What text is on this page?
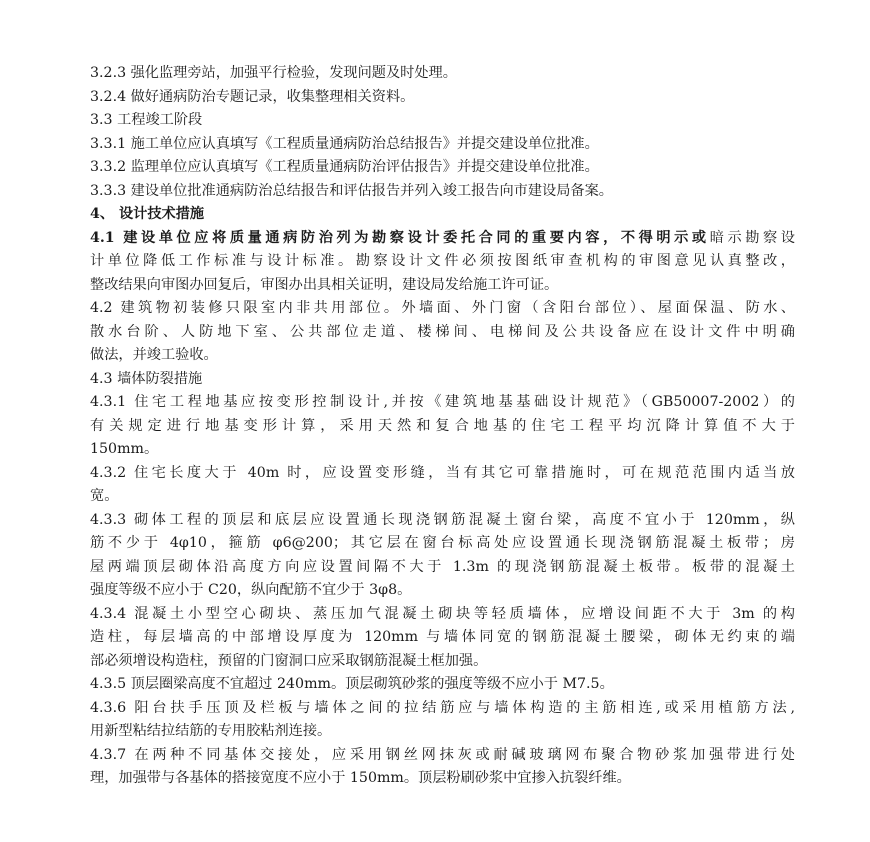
3.2.3 强化监理旁站，加强平行检验，发现问题及时处理。
3.2.4 做好通病防治专题记录，收集整理相关资料。
3.3 工程竣工阶段
3.3.1 施工单位应认真填写《工程质量通病防治总结报告》并提交建设单位批准。
3.3.2 监理单位应认真填写《工程质量通病防治评估报告》并提交建设单位批准。
3.3.3 建设单位批准通病防治总结报告和评估报告并列入竣工报告向市建设局备案。
4、 设计技术措施
4.1 建设单位应将质量通病防治列为勘察设计委托合同的重要内容，不得明示或暗示勘察设
计单位降低工作标准与设计标准。勘察设计文件必须按图纸审查机构的审图意见认真整改，
整改结果向审图办回复后，审图办出具相关证明，建设局发给施工许可证。
4.2 建筑物初装修只限室内非共用部位。外墙面、外门窗（含阳台部位）、屋面保温、防水、
散水台阶、人防地下室、公共部位走道、楼梯间、电梯间及公共设备应在设计文件中明确
做法，并竣工验收。
4.3 墙体防裂措施
4.3.1 住宅工程地基应按变形控制设计,并按《建筑地基基础设计规范》（GB50007-2002）的
有关规定进行地基变形计算，采用天然和复合地基的住宅工程平均沉降计算值不大于
150mm。
4.3.2 住宅长度大于 40m 时，应设置变形缝，当有其它可靠措施时，可在规范范围内适当放
宽。
4.3.3 砌体工程的顶层和底层应设置通长现浇钢筋混凝土窗台梁，高度不宜小于 120mm，纵
筋不少于 4φ10，箍筋 φ6@200；其它层在窗台标高处应设置通长现浇钢筋混凝土板带；房
屋两端顶层砌体沿高度方向应设置间隔不大于 1.3m 的现浇钢筋混凝土板带。板带的混凝土
强度等级不应小于 C20，纵向配筋不宜少于 3φ8。
4.3.4 混凝土小型空心砌块、蒸压加气混凝土砌块等轻质墙体，应增设间距不大于 3m 的构
造柱，每层墙高的中部增设厚度为 120mm 与墙体同宽的钢筋混凝土腰梁，砌体无约束的端
部必须增设构造柱，预留的门窗洞口应采取钢筋混凝土框加强。
4.3.5 顶层圈梁高度不宜超过 240mm。顶层砌筑砂浆的强度等级不应小于 M7.5。
4.3.6 阳台扶手压顶及栏板与墙体之间的拉结筋应与墙体构造的主筋相连,或采用植筋方法,
用新型粘结拉结筋的专用胶粘剂连接。
4.3.7 在两种不同基体交接处，应采用钢丝网抹灰或耐碱玻璃网布聚合物砂浆加强带进行处
理，加强带与各基体的搭接宽度不应小于 150mm。顶层粉刷砂浆中宜掺入抗裂纤维。
